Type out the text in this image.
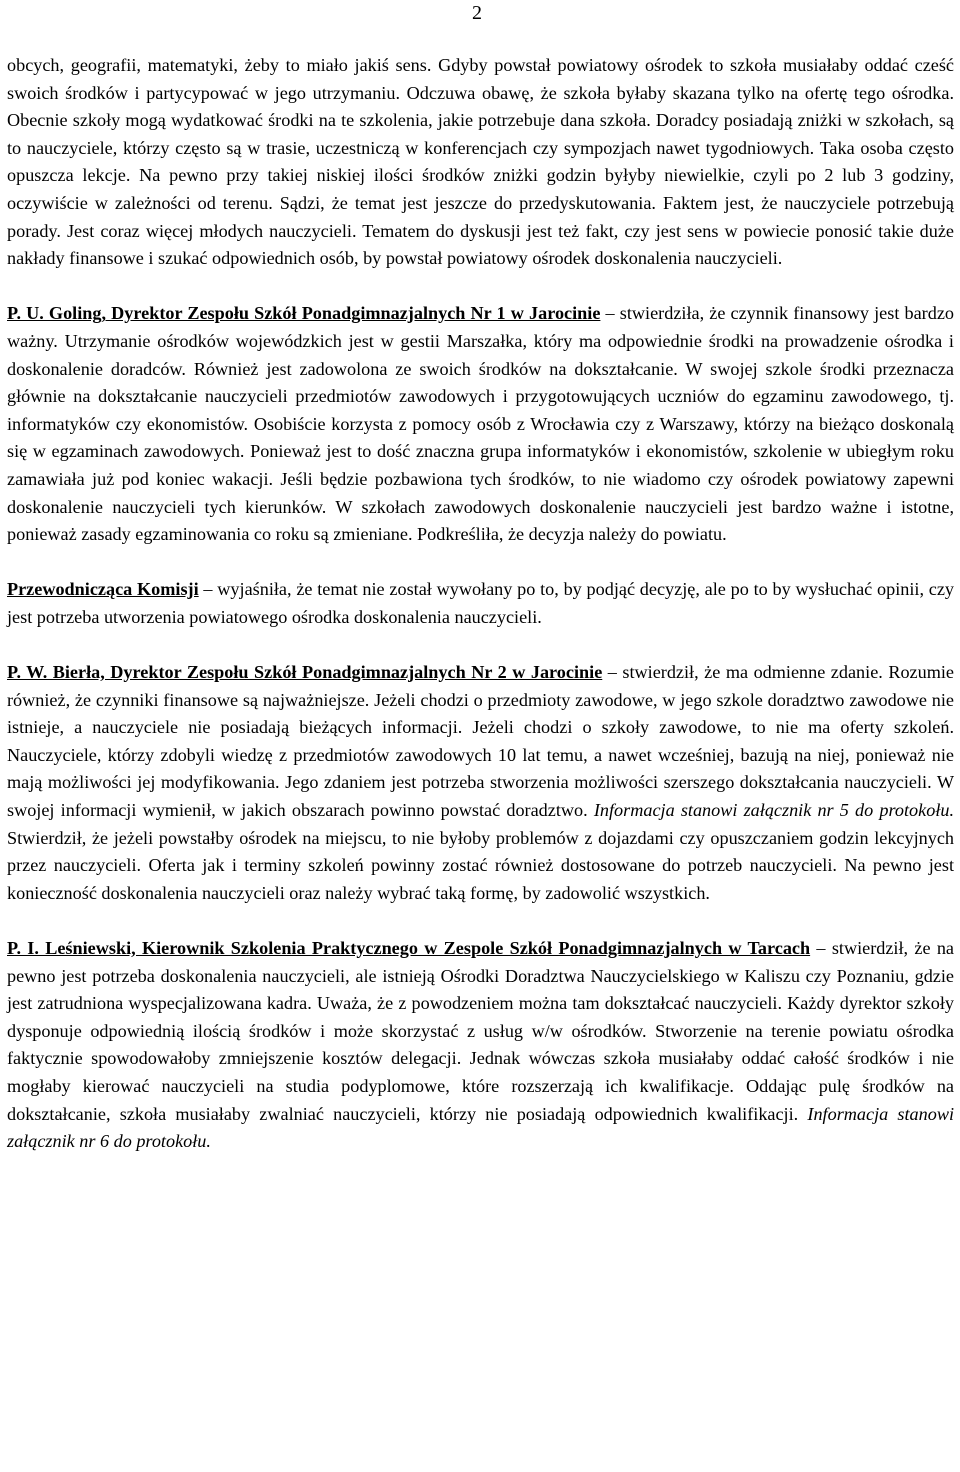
2

obcych, geografii, matematyki, żeby to miało jakiś sens. Gdyby powstał powiatowy ośrodek to szkoła musiałaby oddać cześć swoich środków i partycypować w jego utrzymaniu. Odczuwa obawę, że szkoła byłaby skazana tylko na ofertę tego ośrodka. Obecnie szkoły mogą wydatkować środki na te szkolenia, jakie potrzebuje dana szkoła. Doradcy posiadają zniżki w szkołach, są to nauczyciele, którzy często są w trasie, uczestniczą w konferencjach czy sympozjach nawet tygodniowych. Taka osoba często opuszcza lekcje. Na pewno przy takiej niskiej ilości środków zniżki godzin byłyby niewielkie, czyli po 2 lub 3 godziny, oczywiście w zależności od terenu. Sądzi, że temat jest jeszcze do przedyskutowania. Faktem jest, że nauczyciele potrzebują porady. Jest coraz więcej młodych nauczycieli. Tematem do dyskusji jest też fakt, czy jest sens w powiecie ponosić takie duże nakłady finansowe i szukać odpowiednich osób, by powstał powiatowy ośrodek doskonalenia nauczycieli.

P. U. Goling, Dyrektor Zespołu Szkół Ponadgimnazjalnych Nr 1 w Jarocinie – stwierdziła, że czynnik finansowy jest bardzo ważny. Utrzymanie ośrodków wojewódzkich jest w gestii Marszałka, który ma odpowiednie środki na prowadzenie ośrodka i doskonalenie doradców. Również jest zadowolona ze swoich środków na dokształcanie. W swojej szkole środki przeznacza głównie na dokształcanie nauczycieli przedmiotów zawodowych i przygotowujących uczniów do egzaminu zawodowego, tj. informatyków czy ekonomistów. Osobiście korzysta z pomocy osób z Wrocławia czy z Warszawy, którzy na bieżąco doskonalą się w egzaminach zawodowych. Ponieważ jest to dość znaczna grupa informatyków i ekonomistów, szkolenie w ubiegłym roku zamawiała już pod koniec wakacji. Jeśli będzie pozbawiona tych środków, to nie wiadomo czy ośrodek powiatowy zapewni doskonalenie nauczycieli tych kierunków. W szkołach zawodowych doskonalenie nauczycieli jest bardzo ważne i istotne, ponieważ zasady egzaminowania co roku są zmieniane. Podkreśliła, że decyzja należy do powiatu.

Przewodnicząca Komisji – wyjaśniła, że temat nie został wywołany po to, by podjąć decyzję, ale po to by wysłuchać opinii, czy jest potrzeba utworzenia powiatowego ośrodka doskonalenia nauczycieli.

P. W. Bierła, Dyrektor Zespołu Szkół Ponadgimnazjalnych Nr 2 w Jarocinie – stwierdził, że ma odmienne zdanie. Rozumie również, że czynniki finansowe są najważniejsze. Jeżeli chodzi o przedmioty zawodowe, w jego szkole doradztwo zawodowe nie istnieje, a nauczyciele nie posiadają bieżących informacji. Jeżeli chodzi o szkoły zawodowe, to nie ma oferty szkoleń. Nauczyciele, którzy zdobyli wiedzę z przedmiotów zawodowych 10 lat temu, a nawet wcześniej, bazują na niej, ponieważ nie mają możliwości jej modyfikowania. Jego zdaniem jest potrzeba stworzenia możliwości szerszego dokształcania nauczycieli. W swojej informacji wymienił, w jakich obszarach powinno powstać doradztwo. Informacja stanowi załącznik nr 5 do protokołu. Stwierdził, że jeżeli powstałby ośrodek na miejscu, to nie byłoby problemów z dojazdami czy opuszczaniem godzin lekcyjnych przez nauczycieli. Oferta jak i terminy szkoleń powinny zostać również dostosowane do potrzeb nauczycieli. Na pewno jest konieczność doskonalenia nauczycieli oraz należy wybrać taką formę, by zadowolić wszystkich.

P. I. Leśniewski, Kierownik Szkolenia Praktycznego w Zespole Szkół Ponadgimnazjalnych w Tarcach – stwierdził, że na pewno jest potrzeba doskonalenia nauczycieli, ale istnieją Ośrodki Doradztwa Nauczycielskiego w Kaliszu czy Poznaniu, gdzie jest zatrudniona wyspecjalizowana kadra. Uważa, że z powodzeniem można tam dokształcać nauczycieli. Każdy dyrektor szkoły dysponuje odpowiednią ilością środków i może skorzystać z usług w/w ośrodków. Stworzenie na terenie powiatu ośrodka faktycznie spowodowałoby zmniejszenie kosztów delegacji. Jednak wówczas szkoła musiałaby oddać całość środków i nie mogłaby kierować nauczycieli na studia podyplomowe, które rozszerzają ich kwalifikacje. Oddając pulę środków na dokształcanie, szkoła musiałaby zwalniać nauczycieli, którzy nie posiadają odpowiednich kwalifikacji. Informacja stanowi załącznik nr 6 do protokołu.
